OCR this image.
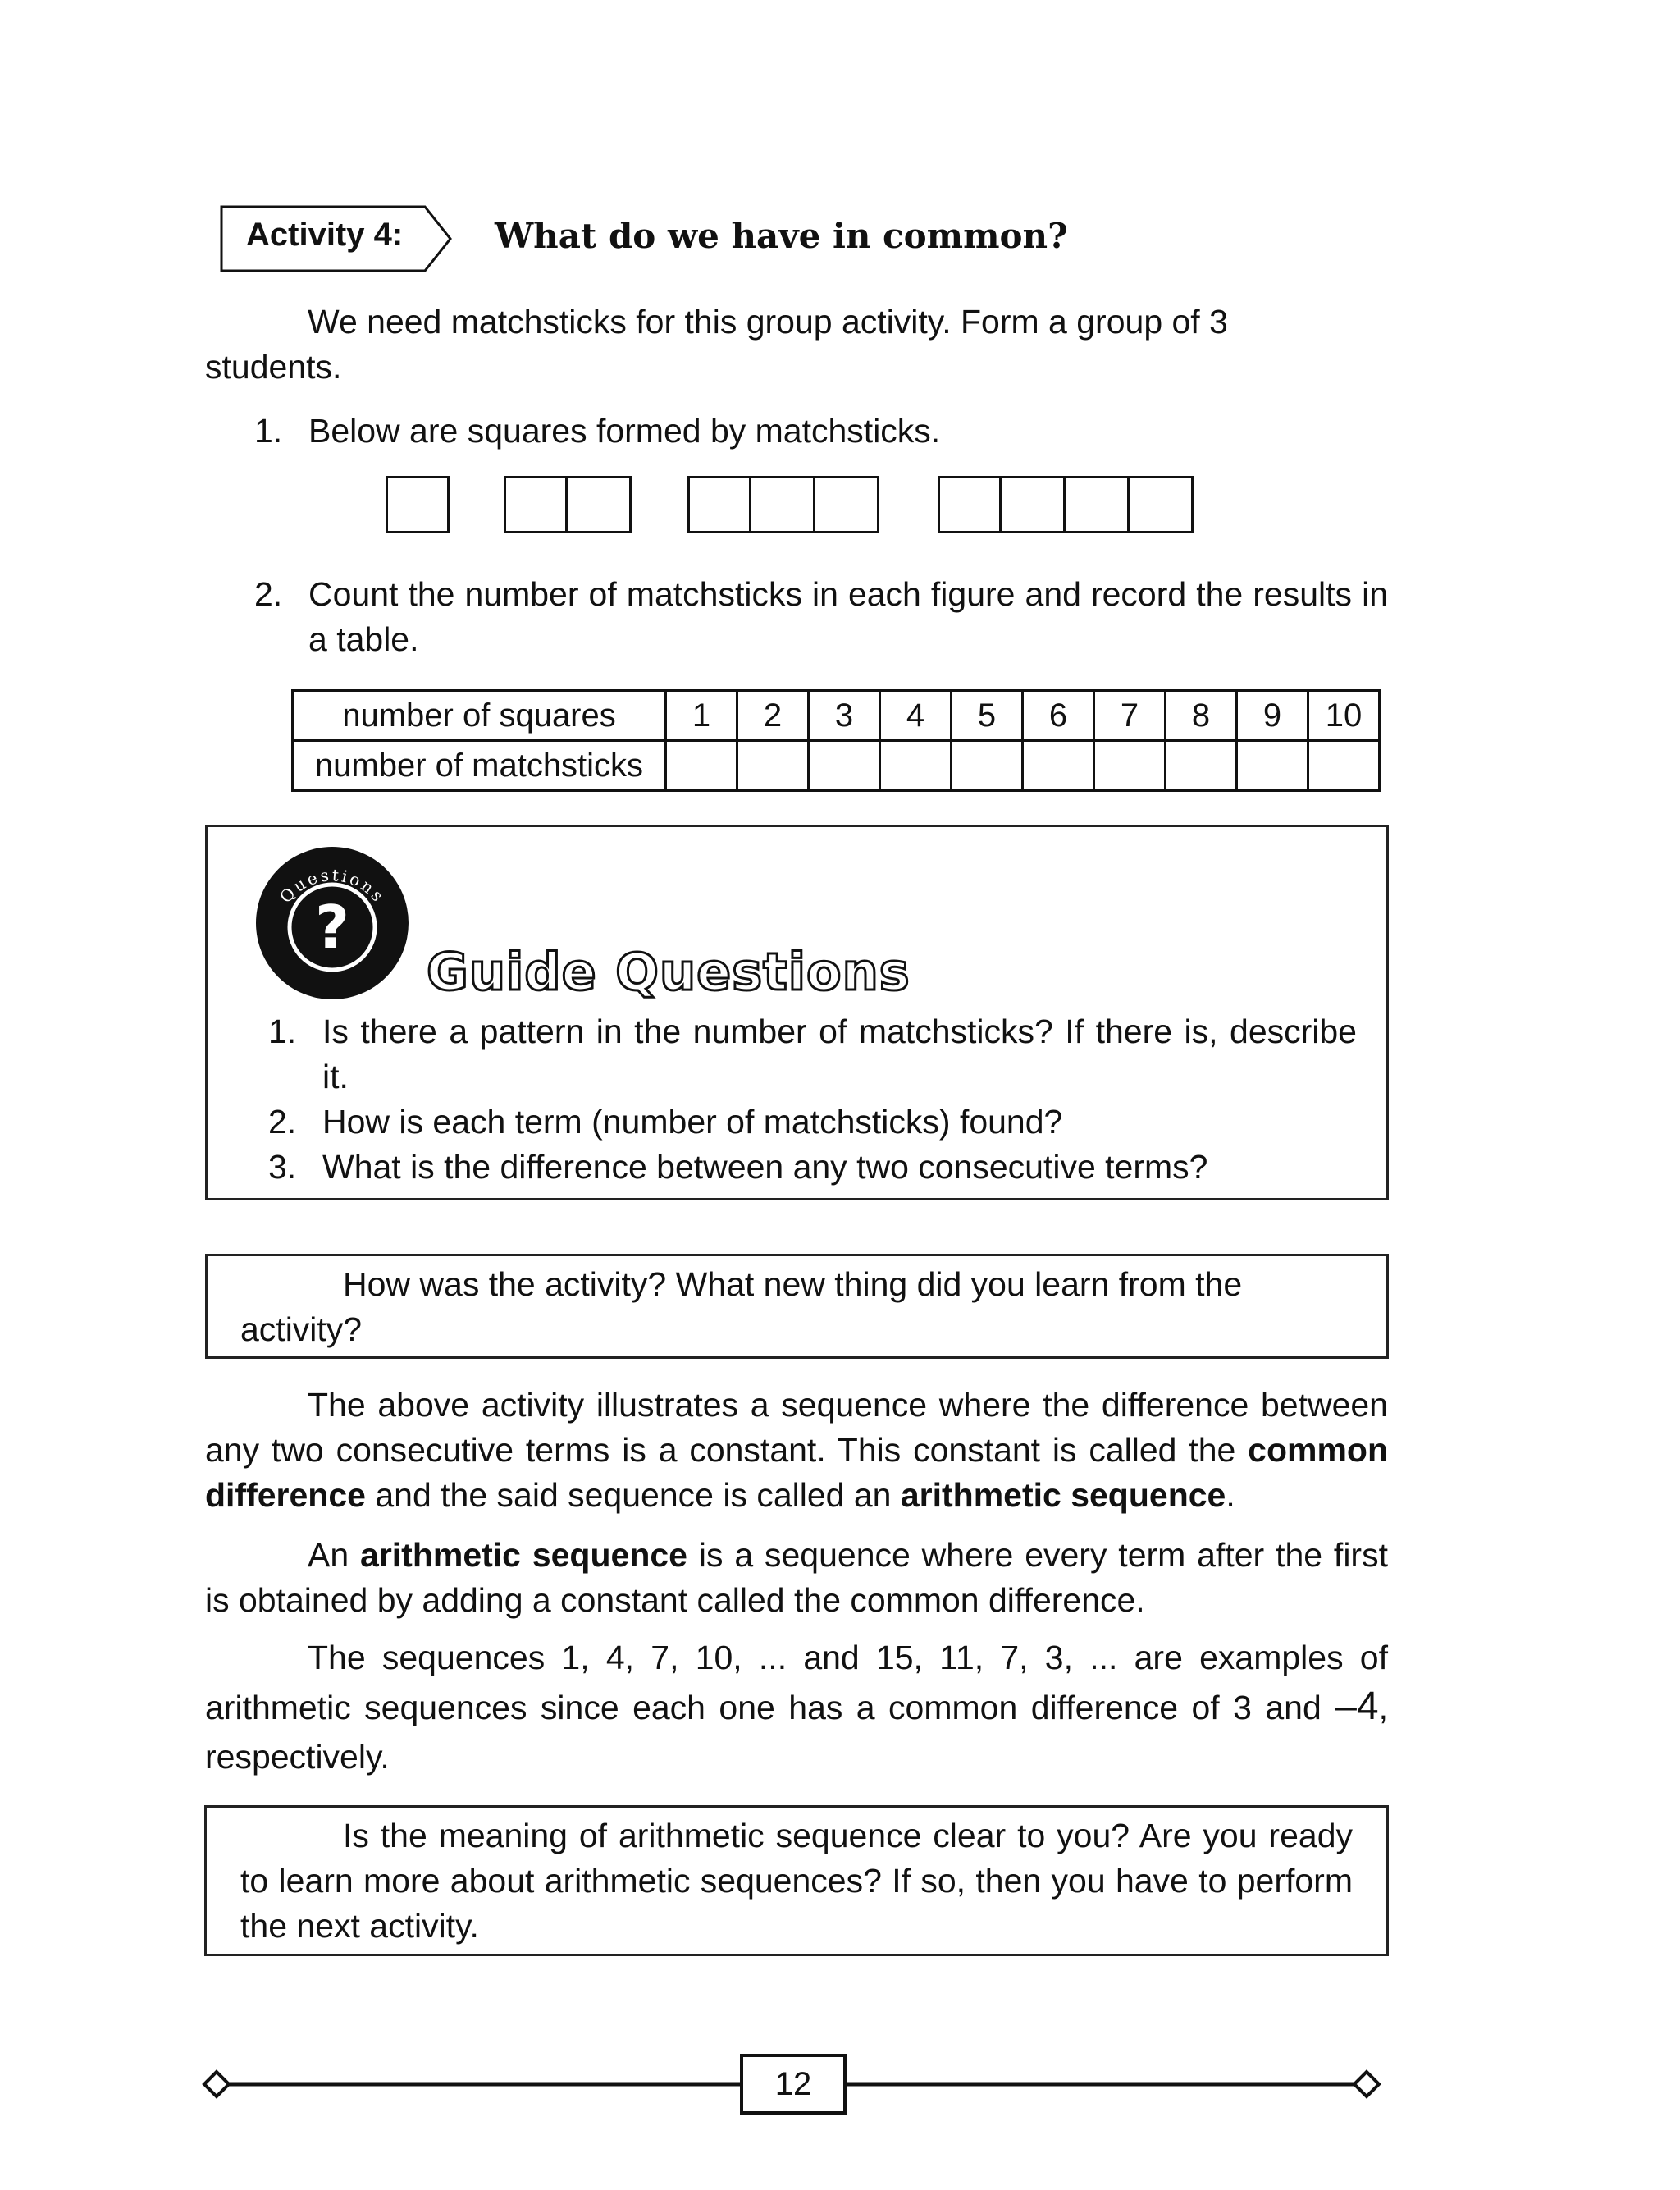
Activity 4:	What do we have in common?
We need matchsticks for this group activity. Form a group of 3
students.
1. Below are squares formed by matchsticks.
2. Count the number of matchsticks in each figure and record the results in a table.
number of squares	1	2	3	4	5	6	7	8	9	10
number of matchsticks										
Questions
?
Guide Questions
1. Is there a pattern in the number of matchsticks? If there is, describe it.
2. How is each term (number of matchsticks) found?
3. What is the difference between any two consecutive terms?
How was the activity? What new thing did you learn from the
activity?
The above activity illustrates a sequence where the difference between any two consecutive terms is a constant. This constant is called the common difference and the said sequence is called an arithmetic sequence.
An arithmetic sequence is a sequence where every term after the first is obtained by adding a constant called the common difference.
The sequences 1, 4, 7, 10, ... and 15, 11, 7, 3, ... are examples of arithmetic sequences since each one has a common difference of 3 and –4, respectively.
Is the meaning of arithmetic sequence clear to you? Are you ready to learn more about arithmetic sequences? If so, then you have to perform the next activity.
12
